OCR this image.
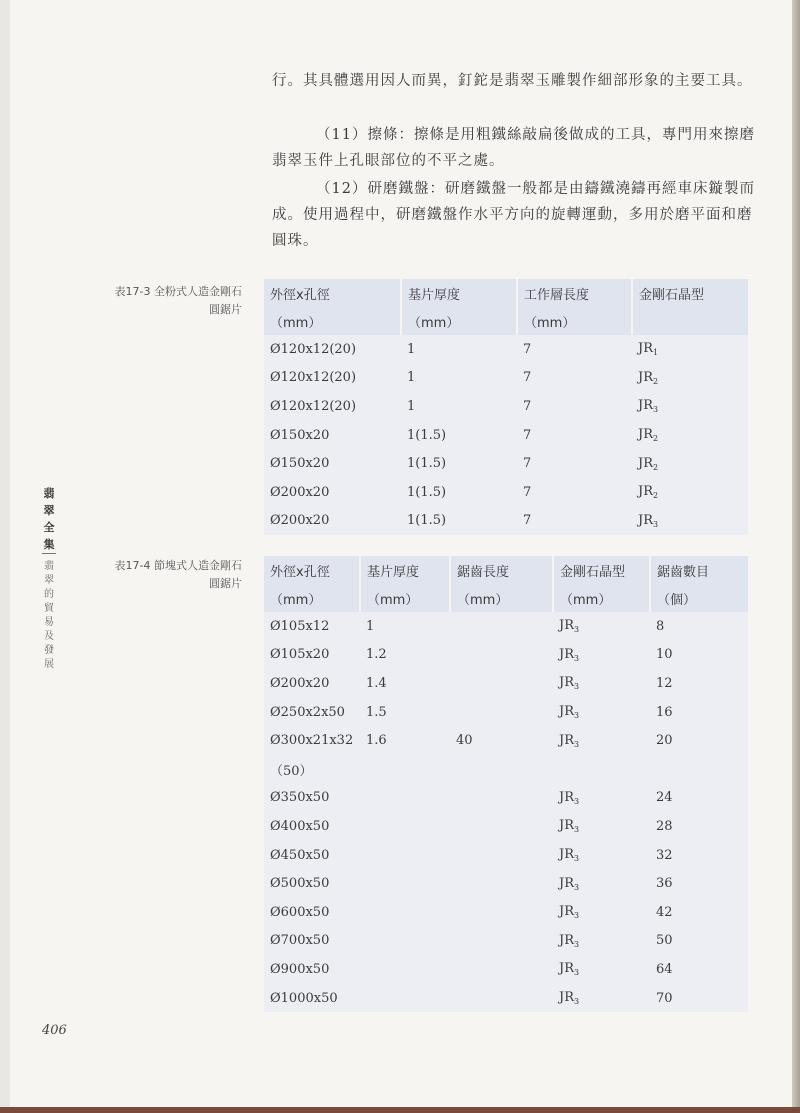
行。其具體選用因人而異，釘鉈是翡翠玉雕製作細部形象的主要工具。
（11）擦條：擦條是用粗鐵絲敲扁後做成的工具，專門用來擦磨翡翠玉件上孔眼部位的不平之處。
（12）研磨鐵盤：研磨鐵盤一般都是由鑄鐵澆鑄再經車床鏇製而成。使用過程中，研磨鐵盤作水平方向的旋轉運動，多用於磨平面和磨圓珠。
表17-3 全粉式人造金剛石
圓鋸片
外徑x孔徑	基片厚度	工作層長度	金剛石晶型
（mm）	（mm）	（mm）	
Ø120x12(20)	1	7	$JR_1$
Ø120x12(20)	1	7	$JR_2$
Ø120x12(20)	1	7	$JR_3$
Ø150x20	1(1.5)	7	$JR_2$
Ø150x20	1(1.5)	7	$JR_2$
Ø200x20	1(1.5)	7	$JR_2$
Ø200x20	1(1.5)	7	$JR_3$
表17-4 節塊式人造金剛石
圓鋸片
外徑x孔徑	基片厚度	鋸齒長度	金剛石晶型	鋸齒數目
（mm）	（mm）	（mm）	（mm）	（個）
Ø105x12	1		$JR_3$	8
Ø105x20	1.2		$JR_3$	10
Ø200x20	1.4		$JR_3$	12
Ø250x2x50	1.5		$JR_3$	16
Ø300x21x32	1.6	40	$JR_3$	20
（50）				
Ø350x50			$JR_3$	24
Ø400x50			$JR_3$	28
Ø450x50			$JR_3$	32
Ø500x50			$JR_3$	36
Ø600x50			$JR_3$	42
Ø700x50			$JR_3$	50
Ø900x50			$JR_3$	64
Ø1000x50			$JR_3$	70
翡
翠
全
集
翡
翠
的
貿
易
及
發
展
406
